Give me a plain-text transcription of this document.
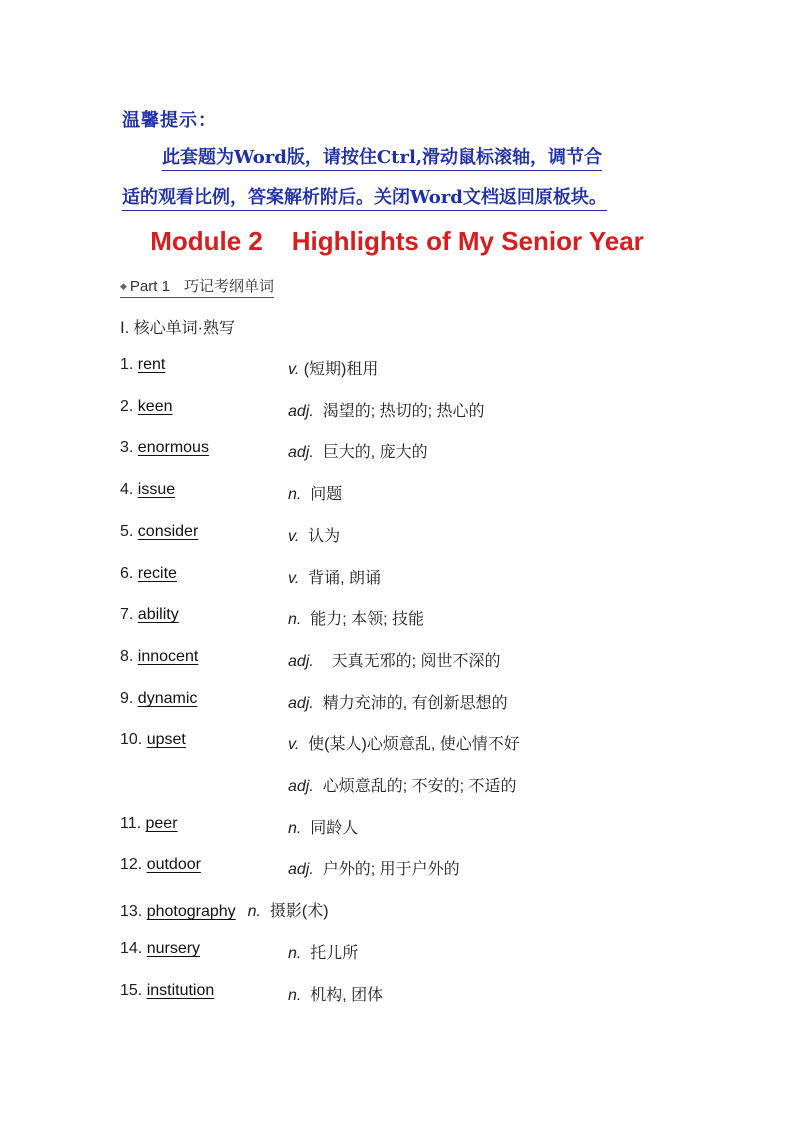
温馨提示：
此套题为Word版，请按住Ctrl,滑动鼠标滚轴，调节合
适的观看比例，答案解析附后。关闭Word文档返回原板块。
Module 2    Highlights of My Senior Year
◆ Part 1 巧记考纲单词
Ⅰ. 核心单词·熟写
1. rent	v. (短期)租用
2. keen	adj.  渴望的; 热切的; 热心的
3. enormous	adj.  巨大的, 庞大的
4. issue	n.  问题
5. consider	v.  认为
6. recite	v.  背诵, 朗诵
7. ability	n.  能力; 本领; 技能
8. innocent	adj.    天真无邪的; 阅世不深的
9. dynamic	adj.  精力充沛的, 有创新思想的
10. upset	v.  使(某人)心烦意乱, 使心情不好
adj.  心烦意乱的; 不安的; 不适的
11. peer	n.  同龄人
12. outdoor	adj.  户外的; 用于户外的
13. photography n.  摄影(术)
14. nursery	n.  托儿所
15. institution	n.  机构, 团体
